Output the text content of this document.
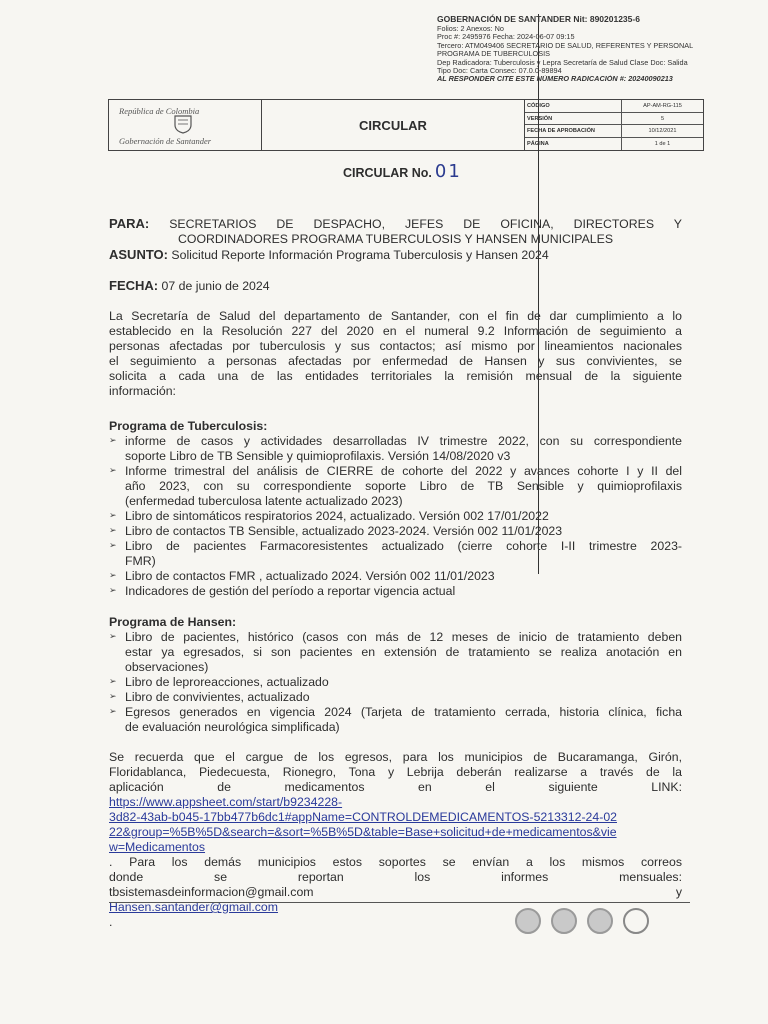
GOBERNACIÓN DE SANTANDER Nit: 890201235-6
Folios: 2 Anexos: No
Proc #: 2495976 Fecha: 2024-06-07 09:15
Tercero: ATM049406 SECRETARIO DE SALUD, REFERENTES Y PERSONAL
PROGRAMA DE TUBERCULOSIS
Dep Radicadora: Tuberculosis y Lepra Secretaría de Salud Clase Doc: Salida
Tipo Doc: Carta Consec: 07.0.0-89894
AL RESPONDER CITE ESTE NÚMERO RADICACIÓN #: 20240090213
República de Colombia
Gobernación de Santander
CIRCULAR
CÓDIGO	AP-AM-RG-115
VERSIÓN	5
FECHA DE APROBACIÓN	10/12/2021
PÁGINA	1 de 1
CIRCULAR No. 01

PARA: SECRETARIOS DE DESPACHO, JEFES DE OFICINA, DIRECTORES Y

COORDINADORES PROGRAMA TUBERCULOSIS Y HANSEN MUNICIPALES

ASUNTO: Solicitud Reporte Información Programa Tuberculosis y Hansen 2024

FECHA: 07 de junio de 2024

La Secretaría de Salud del departamento de Santander, con el fin de dar cumplimiento a lo
establecido en la Resolución 227 del 2020 en el numeral 9.2 Información de seguimiento a
personas afectadas por tuberculosis y sus contactos; así mismo por lineamientos nacionales
el seguimiento a personas afectadas por enfermedad de Hansen y sus convivientes, se
solicita a cada una de las entidades territoriales la remisión mensual de la siguiente
información:

Programa de Tuberculosis:

➢ informe de casos y actividades desarrolladas IV trimestre 2022, con su correspondiente

soporte Libro de TB Sensible y quimioprofilaxis. Versión 14/08/2020 v3

➢ Informe trimestral del análisis de CIERRE de cohorte del 2022 y avances cohorte I y II del

año 2023, con su correspondiente soporte Libro de TB Sensible y quimioprofilaxis

(enfermedad tuberculosa latente actualizado 2023)

➢ Libro de sintomáticos respiratorios 2024, actualizado. Versión 002 17/01/2022

➢ Libro de contactos TB Sensible, actualizado 2023-2024. Versión 002 11/01/2023

➢ Libro de pacientes Farmacoresistentes actualizado (cierre cohorte I-II trimestre 2023-

FMR)

➢ Libro de contactos FMR , actualizado 2024. Versión 002 11/01/2023

➢ Indicadores de gestión del período a reportar vigencia actual

Programa de Hansen:

➢ Libro de pacientes, histórico (casos con más de 12 meses de inicio de tratamiento deben

estar ya egresados, si son pacientes en extensión de tratamiento se realiza anotación en

observaciones)

➢ Libro de leproreacciones, actualizado

➢ Libro de convivientes, actualizado

➢ Egresos generados en vigencia 2024 (Tarjeta de tratamiento cerrada, historia clínica, ficha

de evaluación neurológica simplificada)

Se recuerda que el cargue de los egresos, para los municipios de Bucaramanga, Girón,
Floridablanca, Piedecuesta, Rionegro, Tona y Lebrija deberán realizarse a través de la
aplicación de medicamentos en el siguiente LINK:
https://www.appsheet.com/start/b9234228-
3d82-43ab-b045-17bb477b6dc1#appName=CONTROLDEMEDICAMENTOS-5213312-24-02
22&group=%5B%5D&search=&sort=%5B%5D&table=Base+solicitud+de+medicamentos&vie
w=Medicamentos
. Para los demás municipios estos soportes se envían a los mismos correos
donde se reportan los informes mensuales:
tbsistemasdeinformacion@gmail.com y
Hansen.santander@gmail.com
.
